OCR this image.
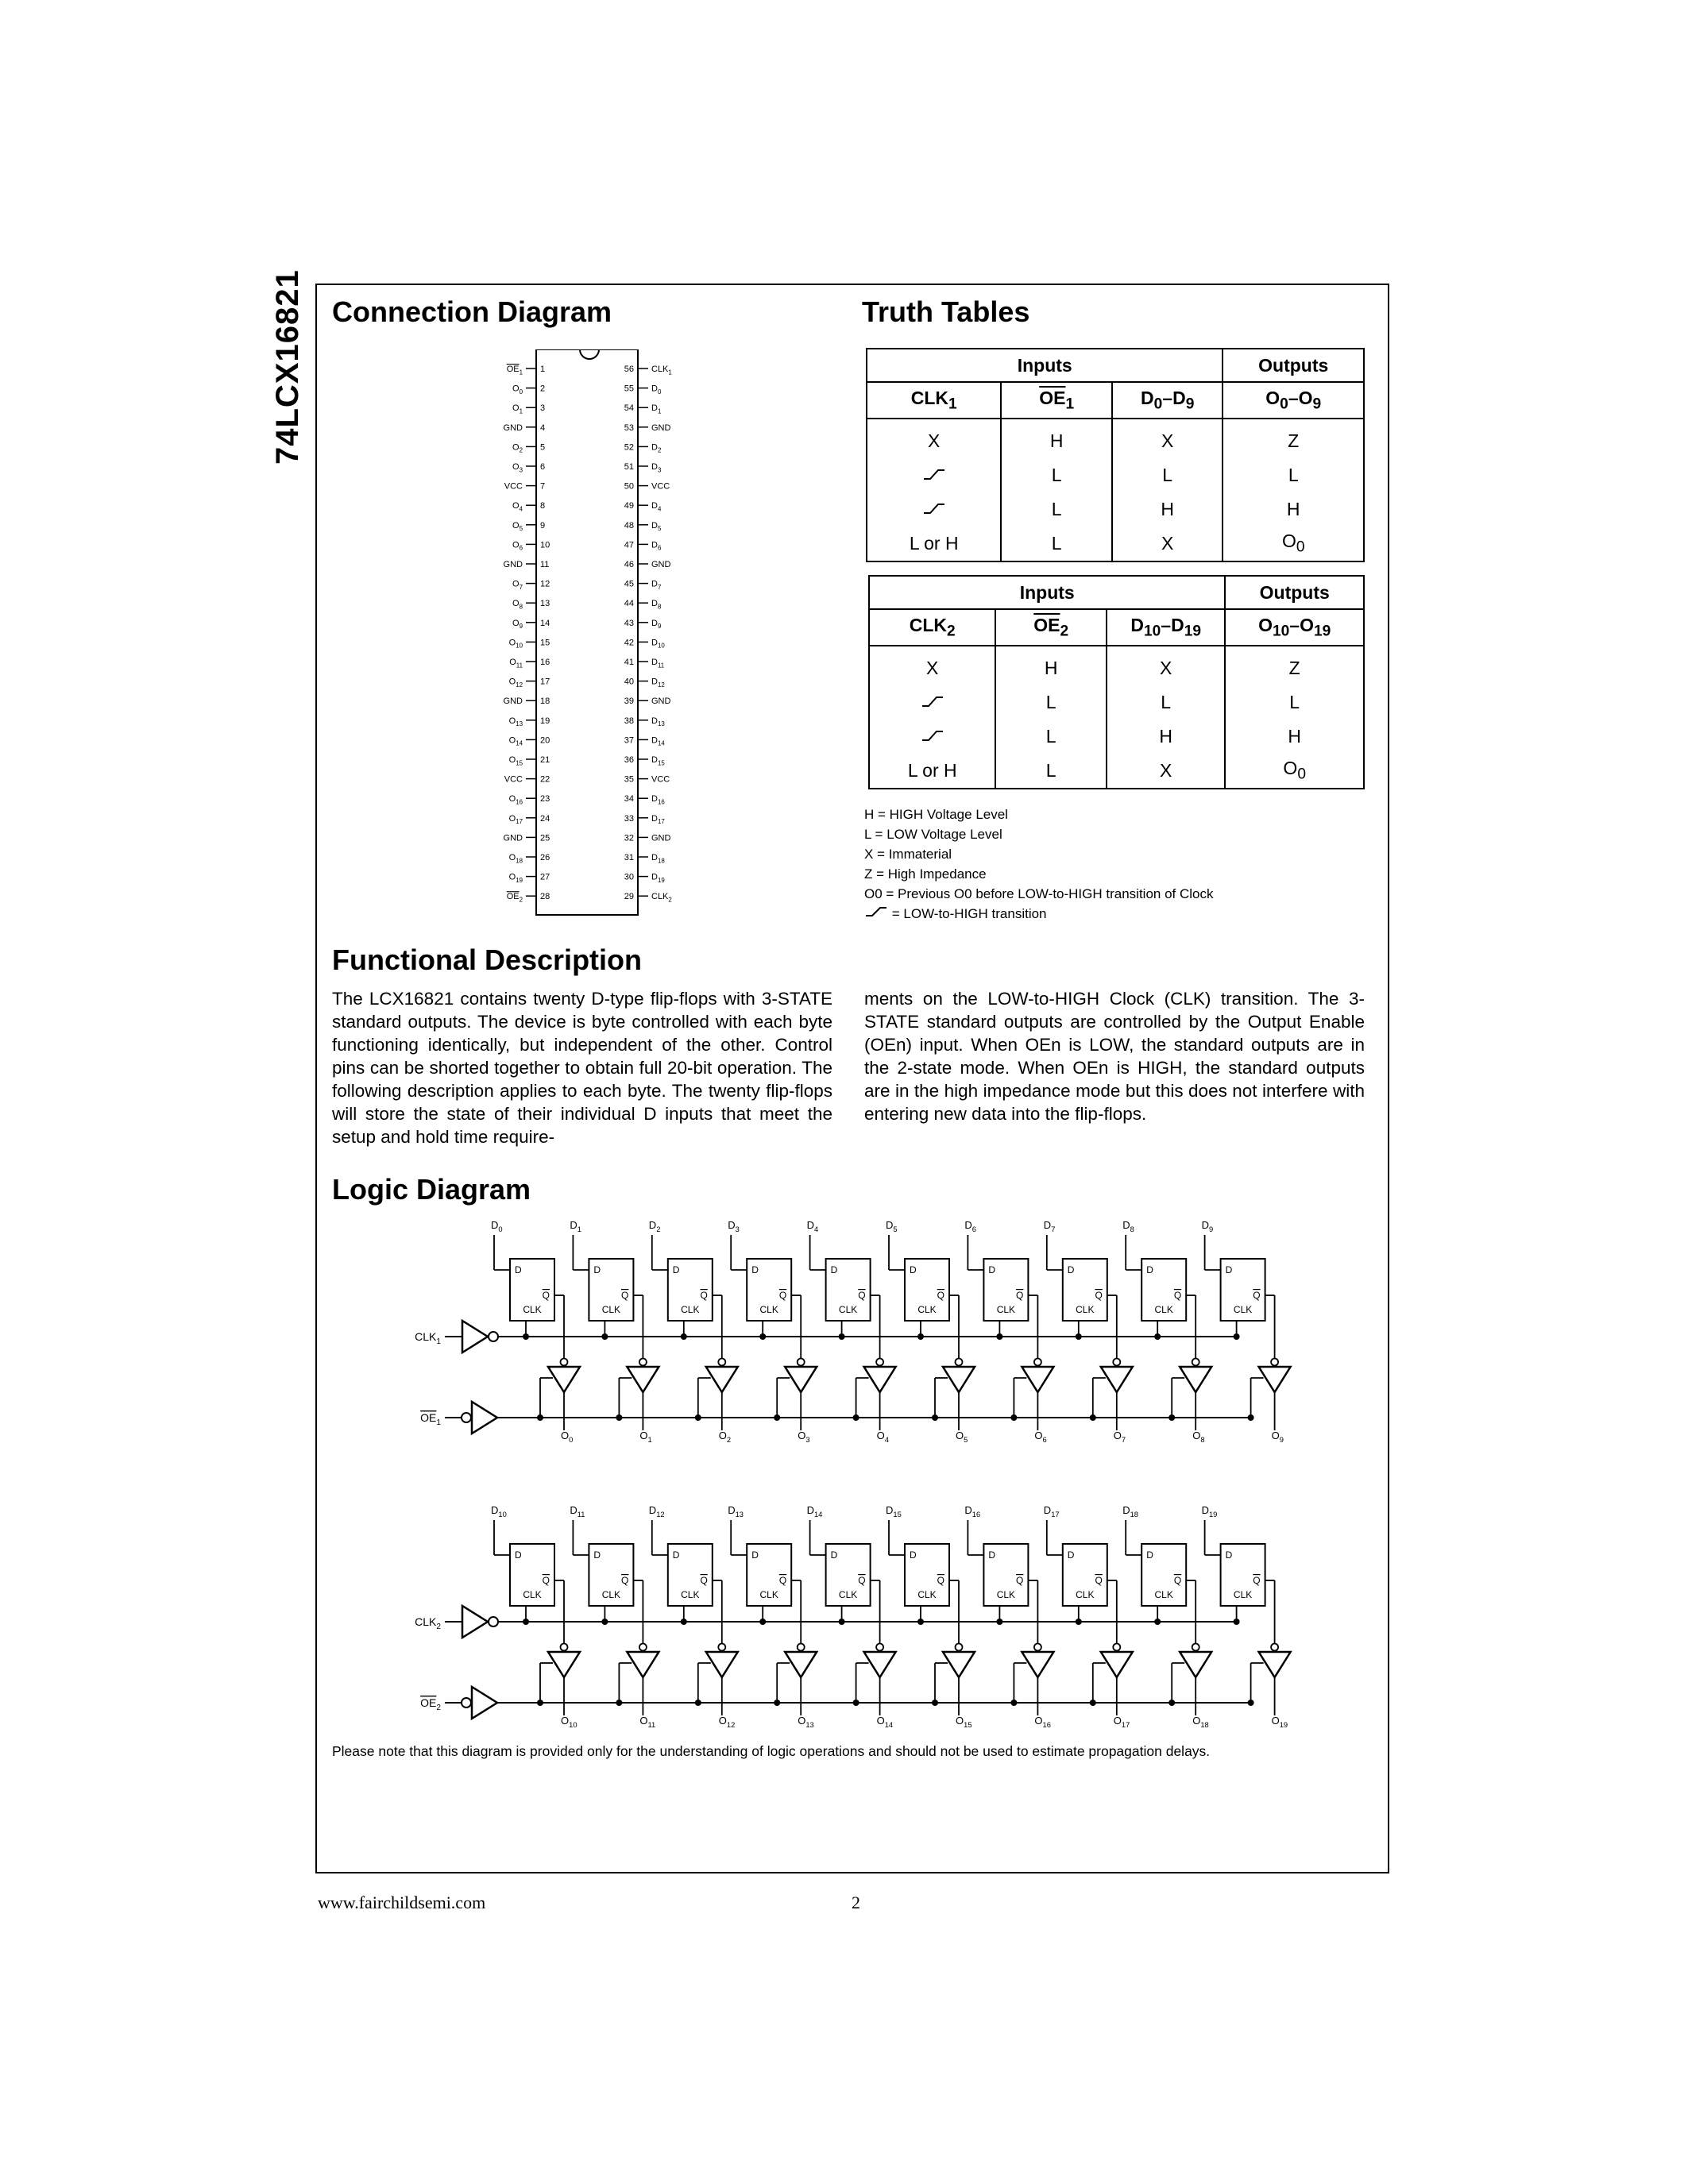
74LCX16821 Connection Diagram	Truth Tables
$OE_1$ 1	56 $CLK_1$
$O_0$ 2	55 $D_0$
$O_1$ 3	54 $D_1$
GND 4	53 GND
$O_2$ 5	52 $D_2$
$O_3$ 6	51 $D_3$
VCC 7	50 VCC
$O_4$ 8	49 $D_4$
$O_5$ 9	48 $D_5$
$O_6$ 10	47 $D_6$
GND 11	46 GND
$O_7$ 12	45 $D_7$
$O_8$ 13	44 $D_8$
$O_9$ 14	43 $D_9$
$O_{10}$ 15	42 $D_{10}$
$O_{11}$ 16	41 $D_{11}$
$O_{12}$ 17	40 $D_{12}$
GND 18	39 GND
$O_{13}$ 19	38 $D_{13}$
$O_{14}$ 20	37 $D_{14}$
$O_{15}$ 21	36 $D_{15}$
VCC 22	35 VCC
$O_{16}$ 23	34 $D_{16}$
$O_{17}$ 24	33 $D_{17}$
GND 25	32 GND
$O_{18}$ 26	31 $D_{18}$
$O_{19}$ 27	30 $D_{19}$
$OE_2$ 28	29 $CLK_2$
Inputs			Outputs
$CLK_1$	$\overline{OE}_1$	$D_0-D_9$	$O_0-O_9$
X	H	X	Z
	L	L	L
	L	H	H
L or H	L	X	$O_0$
Inputs			Outputs
$CLK_2$	$\overline{OE}_2$	$D_{10}-D_{19}$	$O_{10}-O_{19}$
X	H	X	Z
	L	L	L
	L	H	H
L or H	L	X	$O_0$
H = HIGH Voltage Level
L = LOW Voltage Level
X = Immaterial
Z = High Impedance
O0 = Previous O0 before LOW-to-HIGH transition of Clock
= LOW-to-HIGH transition
Functional Description
The LCX16821 contains twenty D-type flip-flops with 3-STATE standard outputs. The device is byte controlled with each byte functioning identically, but independent of the other. Control pins can be shorted together to obtain full 20-bit operation. The following description applies to each byte. The twenty flip-flops will store the state of their individual D inputs that meet the setup and hold time require-
ments on the LOW-to-HIGH Clock (CLK) transition. The 3-STATE standard outputs are controlled by the Output Enable (OEn) input. When OEn is LOW, the standard outputs are in the 2-state mode. When OEn is HIGH, the standard outputs are in the high impedance mode but this does not interfere with entering new data into the flip-flops.
Logic Diagram
$CLK_1$
$OE_1$
$D_0$
D
Q
CLK
$O_0$
$D_1$
D
Q
CLK
$O_1$
$D_2$
D
Q
CLK
$O_2$
$D_3$
D
Q
CLK
$O_3$
$D_4$
D
Q
CLK
$O_4$
$D_5$
D
Q
CLK
$O_5$
$D_6$
D
Q
CLK
$O_6$
$D_7$
D
Q
CLK
$O_7$
$D_8$
D
Q
CLK
$O_8$
$D_9$
D
Q
CLK
$O_9$
$CLK_2$
$OE_2$
$D_{10}$
D
Q
CLK
$O_{10}$
$D_{11}$
D
Q
CLK
$O_{11}$
$D_{12}$
D
Q
CLK
$O_{12}$
$D_{13}$
D
Q
CLK
$O_{13}$
$D_{14}$
D
Q
CLK
$O_{14}$
$D_{15}$
D
Q
CLK
$O_{15}$
$D_{16}$
D
Q
CLK
$O_{16}$
$D_{17}$
D
Q
CLK
$O_{17}$
$D_{18}$
D
Q
CLK
$O_{18}$
$D_{19}$
D
Q
CLK
$O_{19}$
Please note that this diagram is provided only for the understanding of logic operations and should not be used to estimate propagation delays.
www.fairchildsemi.com	2
